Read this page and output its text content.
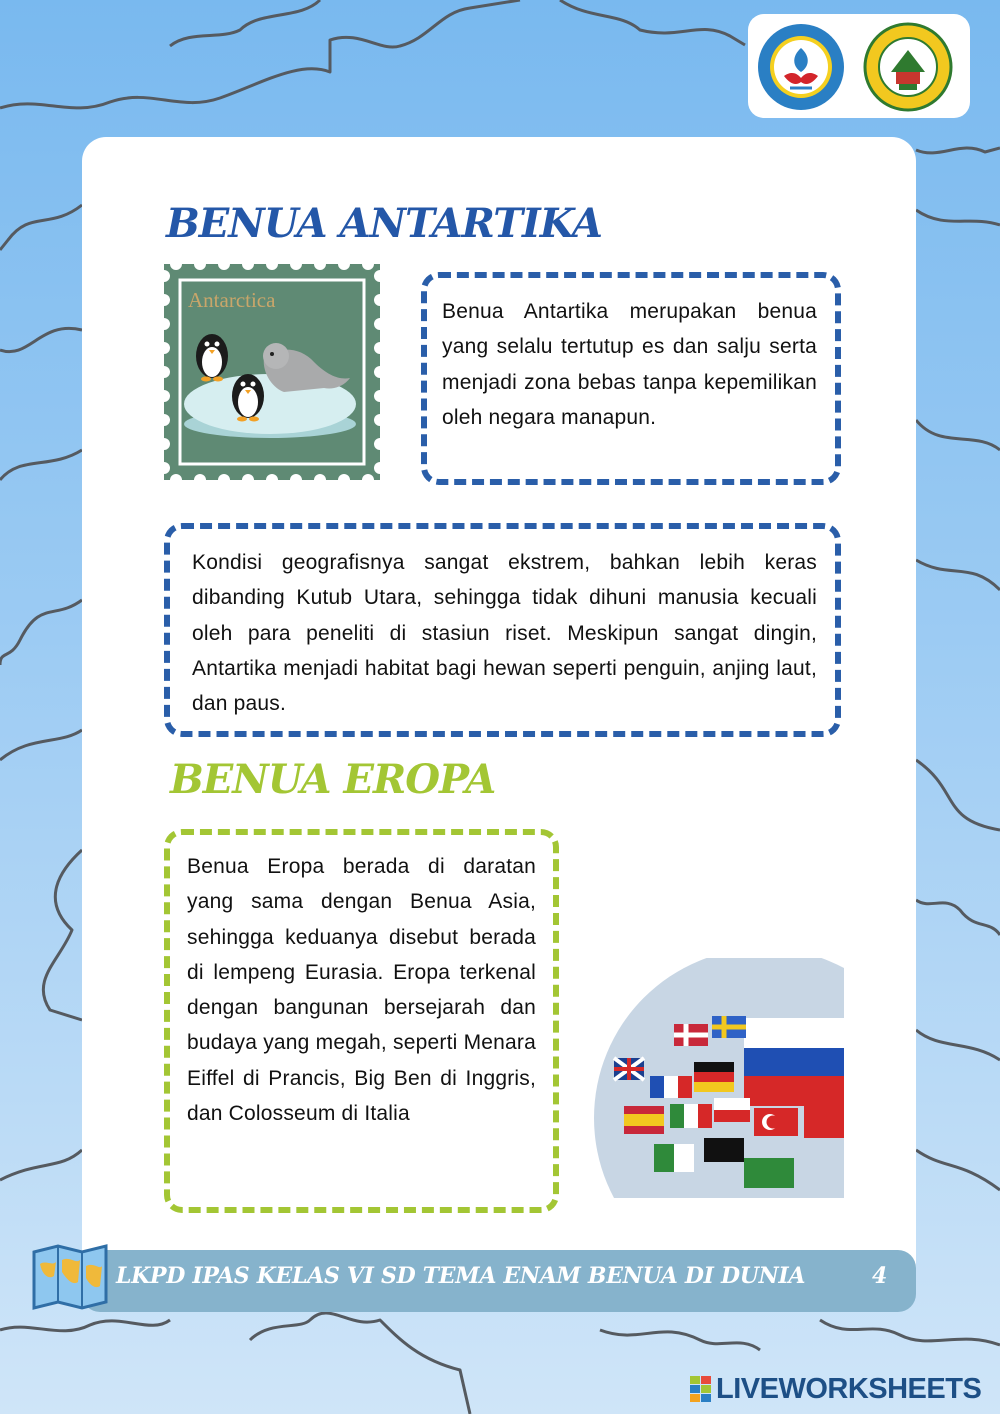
BENUA ANTARTIKA

Antarctica	Benua Antartika merupakan benua yang selalu tertutup es dan salju serta menjadi zona bebas tanpa kepemilikan oleh negara manapun.

Kondisi geografisnya sangat ekstrem, bahkan lebih keras dibanding Kutub Utara, sehingga tidak dihuni manusia kecuali oleh para peneliti di stasiun riset. Meskipun sangat dingin, Antartika menjadi habitat bagi hewan seperti penguin, anjing laut, dan paus.

BENUA EROPA

Benua Eropa berada di daratan yang sama dengan Benua Asia, sehingga keduanya disebut berada di lempeng Eurasia. Eropa terkenal dengan bangunan bersejarah dan budaya yang megah, seperti Menara Eiffel di Prancis, Big Ben di Inggris, dan Colosseum di Italia

LKPD IPAS KELAS VI SD TEMA ENAM BENUA DI DUNIA	4

LIVEWORKSHEETS
